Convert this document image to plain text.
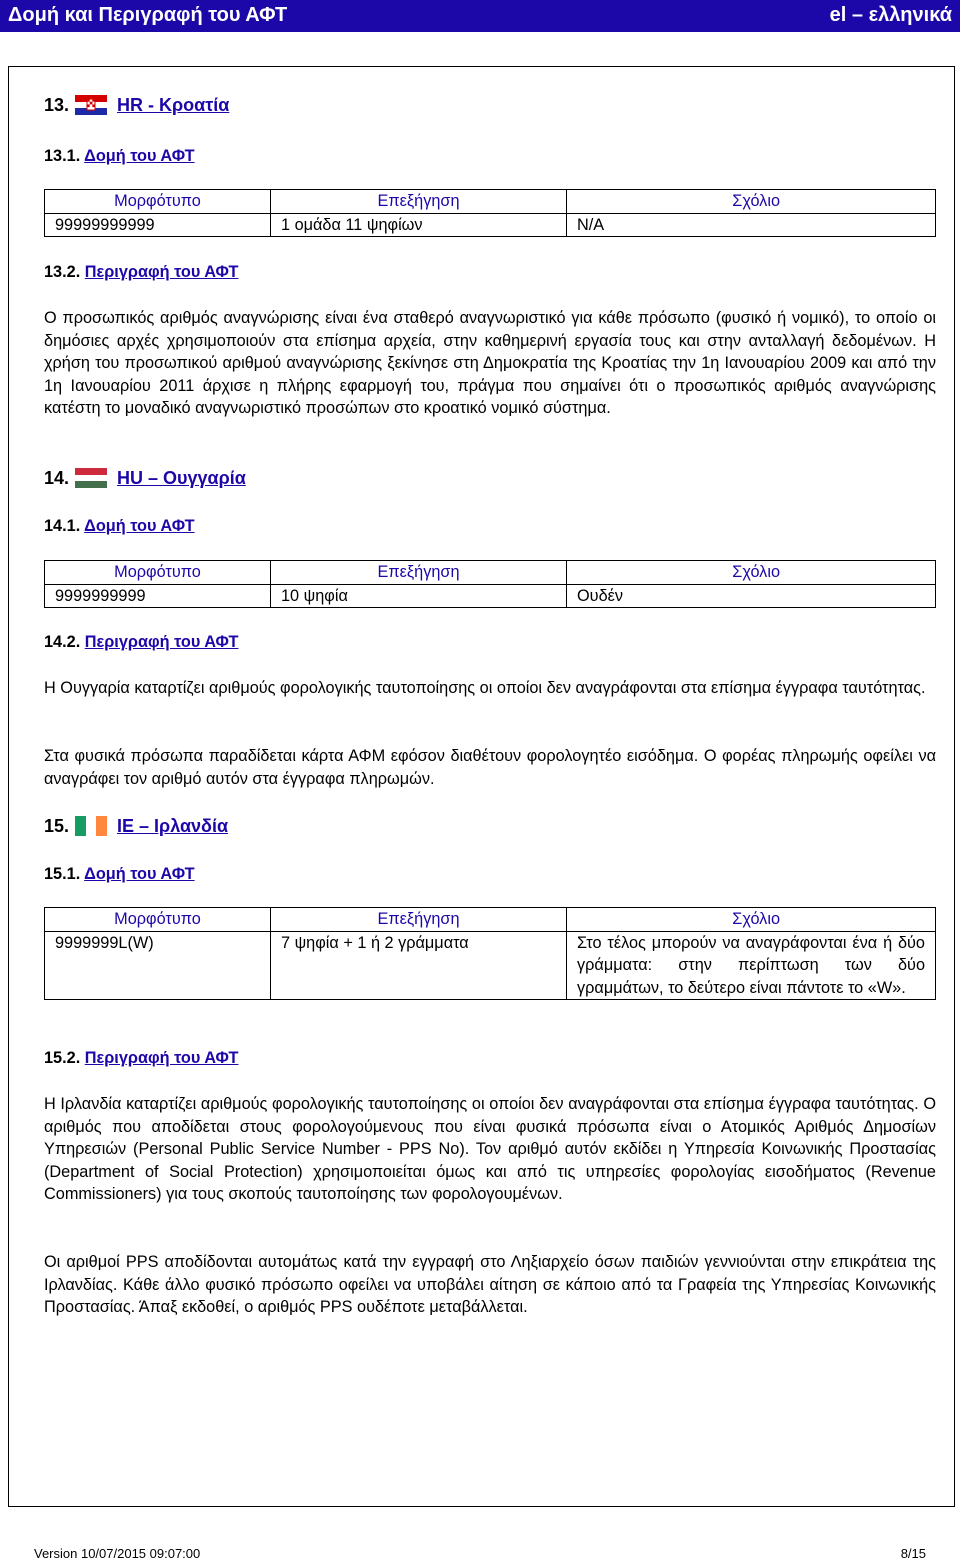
Δομή και Περιγραφή του ΑΦΤ	el – ελληνικά
13.	HR - Κροατία
13.1. Δομή του ΑΦΤ
Μορφότυπο	Επεξήγηση	Σχόλιο
99999999999	1 ομάδα 11 ψηφίων	N/A
13.2. Περιγραφή του ΑΦΤ
Ο προσωπικός αριθμός αναγνώρισης είναι ένα σταθερό αναγνωριστικό για κάθε πρόσωπο (φυσικό ή νομικό), το οποίο οι δημόσιες αρχές χρησιμοποιούν στα επίσημα αρχεία, στην καθημερινή εργασία τους και στην ανταλλαγή δεδομένων. Η χρήση του προσωπικού αριθμού αναγνώρισης ξεκίνησε στη Δημοκρατία της Κροατίας την 1η Ιανουαρίου 2009 και από την 1η Ιανουαρίου 2011 άρχισε η πλήρης εφαρμογή του, πράγμα που σημαίνει ότι ο προσωπικός αριθμός αναγνώρισης κατέστη το μοναδικό αναγνωριστικό προσώπων στο κροατικό νομικό σύστημα.
14.	HU – Ουγγαρία
14.1. Δομή του ΑΦΤ
Μορφότυπο	Επεξήγηση	Σχόλιο
9999999999	10 ψηφία	Ουδέν
14.2. Περιγραφή του ΑΦΤ
Η Ουγγαρία καταρτίζει αριθμούς φορολογικής ταυτοποίησης οι οποίοι δεν αναγράφονται στα επίσημα έγγραφα ταυτότητας.
Στα φυσικά πρόσωπα παραδίδεται κάρτα ΑΦΜ εφόσον διαθέτουν φορολογητέο εισόδημα. Ο φορέας πληρωμής οφείλει να αναγράφει τον αριθμό αυτόν στα έγγραφα πληρωμών.
15.	IE – Ιρλανδία
15.1. Δομή του ΑΦΤ
Μορφότυπο	Επεξήγηση	Σχόλιο
9999999L(W)	7 ψηφία + 1 ή 2 γράμματα	Στο τέλος μπορούν να αναγράφονται ένα ή δύο γράμματα: στην περίπτωση των δύο γραμμάτων, το δεύτερο είναι πάντοτε το «W».
15.2. Περιγραφή του ΑΦΤ
Η Ιρλανδία καταρτίζει αριθμούς φορολογικής ταυτοποίησης οι οποίοι δεν αναγράφονται στα επίσημα έγγραφα ταυτότητας. Ο αριθμός που αποδίδεται στους φορολογούμενους που είναι φυσικά πρόσωπα είναι ο Ατομικός Αριθμός Δημοσίων Υπηρεσιών (Personal Public Service Number - PPS No). Τον αριθμό αυτόν εκδίδει η Υπηρεσία Κοινωνικής Προστασίας (Department of Social Protection) χρησιμοποιείται όμως και από τις υπηρεσίες φορολογίας εισοδήματος (Revenue Commissioners) για τους σκοπούς ταυτοποίησης των φορολογουμένων.
Οι αριθμοί PPS αποδίδονται αυτομάτως κατά την εγγραφή στο Ληξιαρχείο όσων παιδιών γεννιούνται στην επικράτεια της Ιρλανδίας. Κάθε άλλο φυσικό πρόσωπο οφείλει να υποβάλει αίτηση σε κάποιο από τα Γραφεία της Υπηρεσίας Κοινωνικής Προστασίας. Άπαξ εκδοθεί, ο αριθμός PPS ουδέποτε μεταβάλλεται.
Version 10/07/2015 09:07:00	8/15
